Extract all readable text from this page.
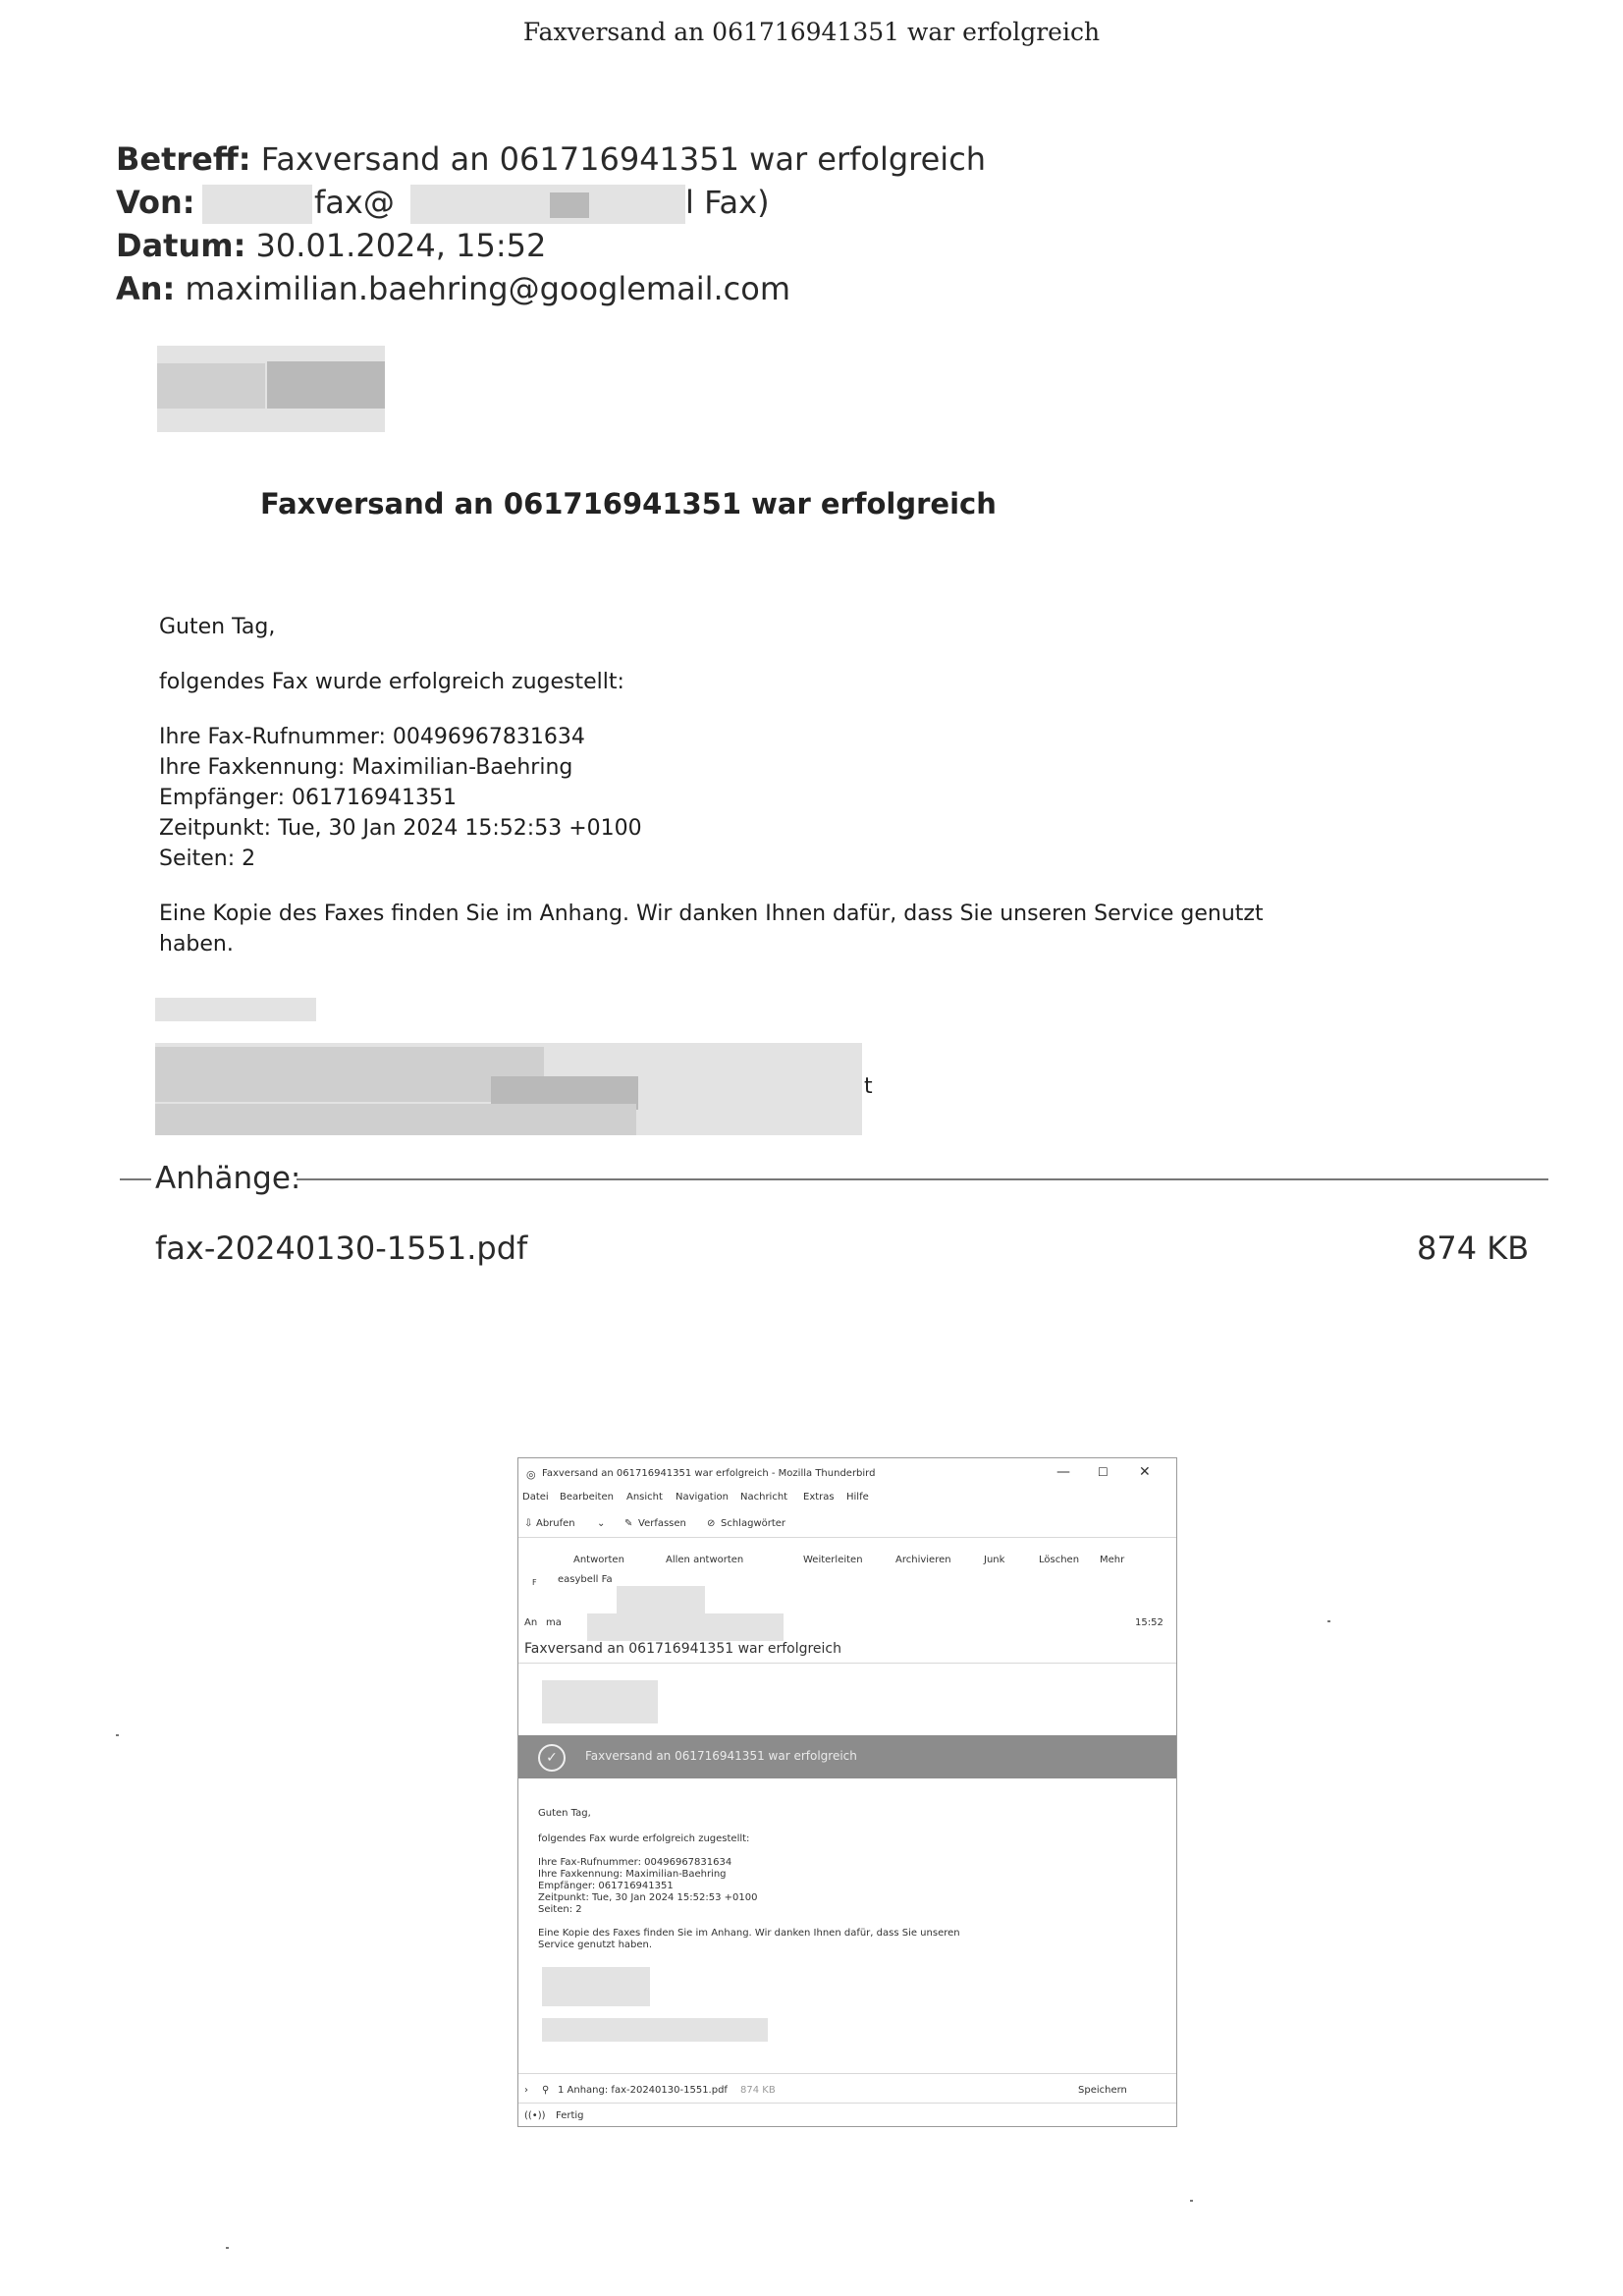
Faxversand an 061716941351 war erfolgreich
Betreff: Faxversand an 061716941351 war erfolgreich
Von:	fax@	l Fax)
Datum: 30.01.2024, 15:52
An: maximilian.baehring@googlemail.com
Faxversand an 061716941351 war erfolgreich
Guten Tag,
folgendes Fax wurde erfolgreich zugestellt:
Ihre Fax-Rufnummer: 00496967831634
Ihre Faxkennung: Maximilian-Baehring
Empfänger: 061716941351
Zeitpunkt: Tue, 30 Jan 2024 15:52:53 +0100
Seiten: 2
Eine Kopie des Faxes finden Sie im Anhang. Wir danken Ihnen dafür, dass Sie unseren Service genutzt
haben.
t
Anhänge:
fax-20240130-1551.pdf	874 KB
◎ Faxversand an 061716941351 war erfolgreich - Mozilla Thunderbird	— ☐ ✕
Datei Bearbeiten Ansicht Navigation Nachricht Extras Hilfe
⇩ Abrufen ⌄ ✎ Verfassen ⊘ Schlagwörter
Antworten	Allen antworten	Weiterleiten	Archivieren	Junk	Löschen Mehr
F easybell Fa
An ma	15:52
Faxversand an 061716941351 war erfolgreich
✓	Faxversand an 061716941351 war erfolgreich
Guten Tag,
folgendes Fax wurde erfolgreich zugestellt:
Ihre Fax-Rufnummer: 00496967831634
Ihre Faxkennung: Maximilian-Baehring
Empfänger: 061716941351
Zeitpunkt: Tue, 30 Jan 2024 15:52:53 +0100
Seiten: 2
Eine Kopie des Faxes finden Sie im Anhang. Wir danken Ihnen dafür, dass Sie unseren
Service genutzt haben.
› ⚲ 1 Anhang: fax-20240130-1551.pdf 874 KB	Speichern
((•)) Fertig
